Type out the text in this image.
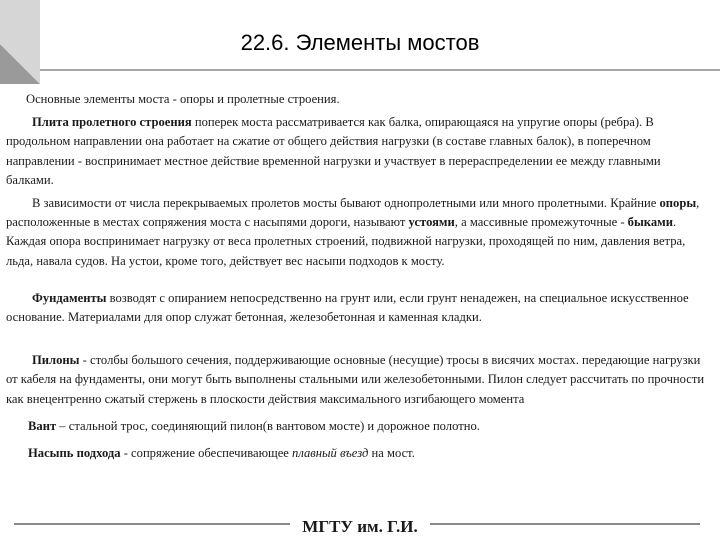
22.6. Элементы мостов

Основные элементы моста - опоры и пролетные строения.

Плита пролетного строения поперек моста рассматривается как балка, опирающаяся на упругие опоры (ребра). В продольном направлении она работает на сжатие от общего действия нагрузки (в составе главных балок), в поперечном направлении - воспринимает местное действие временной нагрузки и участвует в перераспределении ее между главными балками.

В зависимости от числа перекрываемых пролетов мосты бывают однопролетными или много пролетными. Крайние опоры, расположенные в местах сопряжения моста с насыпями дороги, называют устоями, а массивные промежуточные - быками. Каждая опора воспринимает нагрузку от веса пролетных строений, подвижной нагрузки, проходящей по ним, давления ветра, льда, навала судов. На устои, кроме того, действует вес насыпи подходов к мосту.

Фундаменты возводят с опиранием непосредственно на грунт или, если грунт ненадежен, на специальное искусственное основание. Материалами для опор служат бетонная, железобетонная и каменная кладки.

Пилоны - столбы большого сечения, поддерживающие основные (несущие) тросы в висячих мостах. передающие нагрузки от кабеля на фундаменты, они могут быть выполнены стальными или железобетонными. Пилон следует рассчитать по прочности как внецентренно сжатый стержень в плоскости действия максимального изгибающего момента

Вант – стальной трос, соединяющий пилон(в вантовом мосте) и дорожное полотно.

Насыпь подхода - сопряжение обеспечивающее плавный въезд на мост.

МГТУ им. Г.И.
